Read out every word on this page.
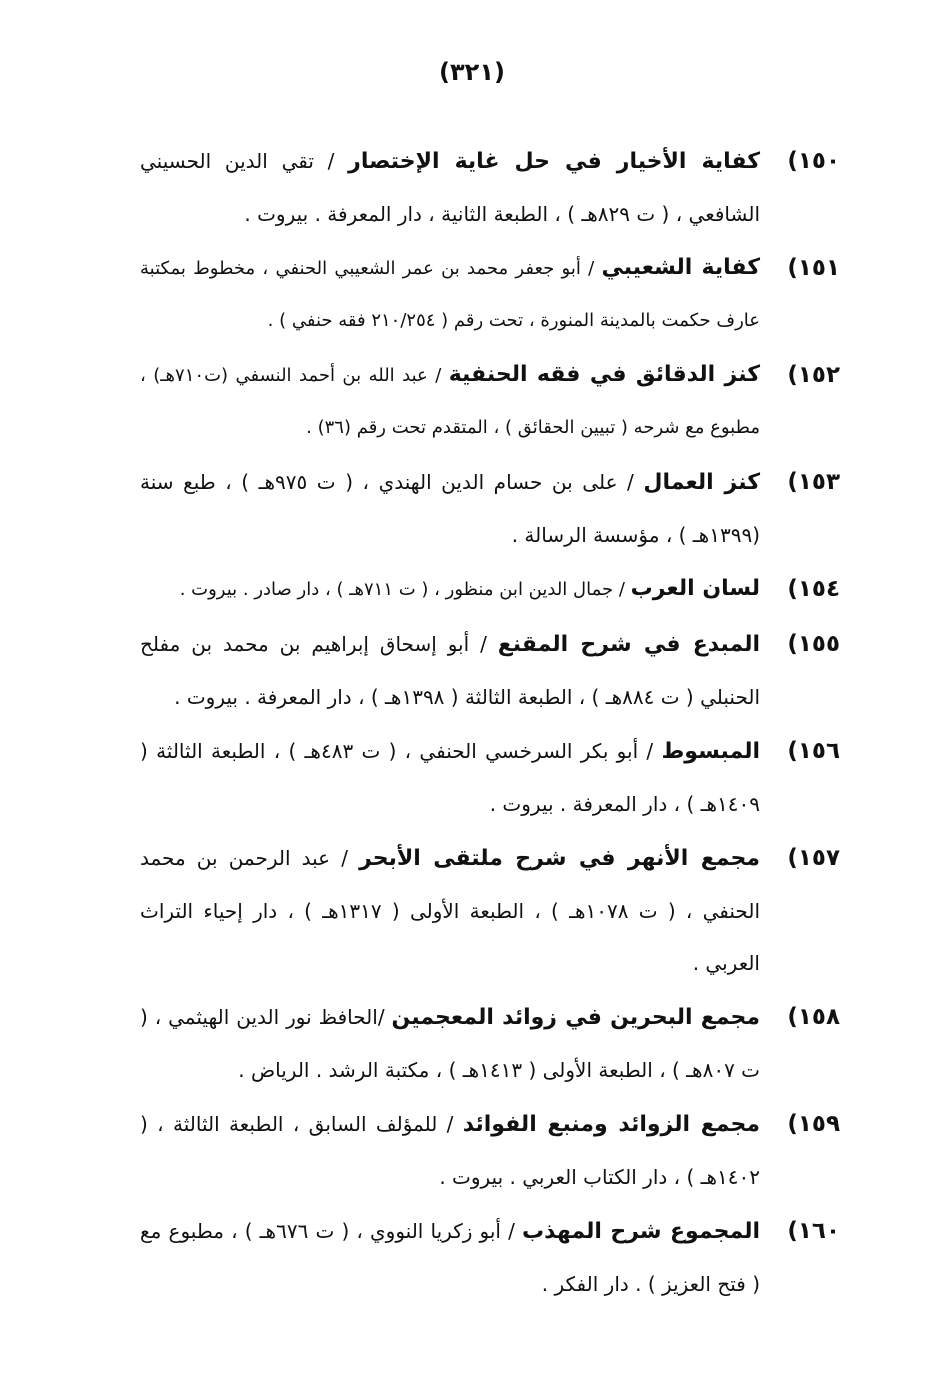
(٣٢١)
١٥٠)
كفاية الأخيار في حل غاية الإختصار / تقي الدين الحسيني الشافعي ، ( ت ٨٢٩هـ ) ، الطبعة الثانية ، دار المعرفة . بيروت .
١٥١)
كفاية الشعيبي / أبو جعفر محمد بن عمر الشعيبي الحنفي ، مخطوط بمكتبة عارف حكمت بالمدينة المنورة ، تحت رقم ( ٢١٠/٢٥٤ فقه حنفي ) .
١٥٢)
كنز الدقائق في فقه الحنفية / عبد الله بن أحمد النسفي (ت٧١٠هـ) ، مطبوع مع شرحه ( تبيين الحقائق ) ، المتقدم تحت رقم (٣٦) .
١٥٣)
كنز العمال / على بن حسام الدين الهندي ، ( ت ٩٧٥هـ ) ، طبع سنة (١٣٩٩هـ ) ، مؤسسة الرسالة .
١٥٤)
لسان العرب / جمال الدين ابن منظور ، ( ت ٧١١هـ ) ، دار صادر . بيروت .
١٥٥)
المبدع في شرح المقنع / أبو إسحاق إبراهيم بن محمد بن مفلح الحنبلي ( ت ٨٨٤هـ ) ، الطبعة الثالثة ( ١٣٩٨هـ ) ، دار المعرفة . بيروت .
١٥٦)
المبسوط / أبو بكر السرخسي الحنفي ، ( ت ٤٨٣هـ ) ، الطبعة الثالثة ( ١٤٠٩هـ ) ، دار المعرفة . بيروت .
١٥٧)
مجمع الأنهر في شرح ملتقى الأبحر / عبد الرحمن بن محمد الحنفي ، ( ت ١٠٧٨هـ ) ، الطبعة الأولى ( ١٣١٧هـ ) ، دار إحياء التراث العربي .
١٥٨)
مجمع البحرين في زوائد المعجمين /الحافظ نور الدين الهيثمي ، ( ت ٨٠٧هـ ) ، الطبعة الأولى ( ١٤١٣هـ ) ، مكتبة الرشد . الرياض .
١٥٩)
مجمع الزوائد ومنبع الفوائد / للمؤلف السابق ، الطبعة الثالثة ، ( ١٤٠٢هـ ) ، دار الكتاب العربي . بيروت .
١٦٠)
المجموع شرح المهذب / أبو زكريا النووي ، ( ت ٦٧٦هـ ) ، مطبوع مع ( فتح العزيز ) . دار الفكر .
